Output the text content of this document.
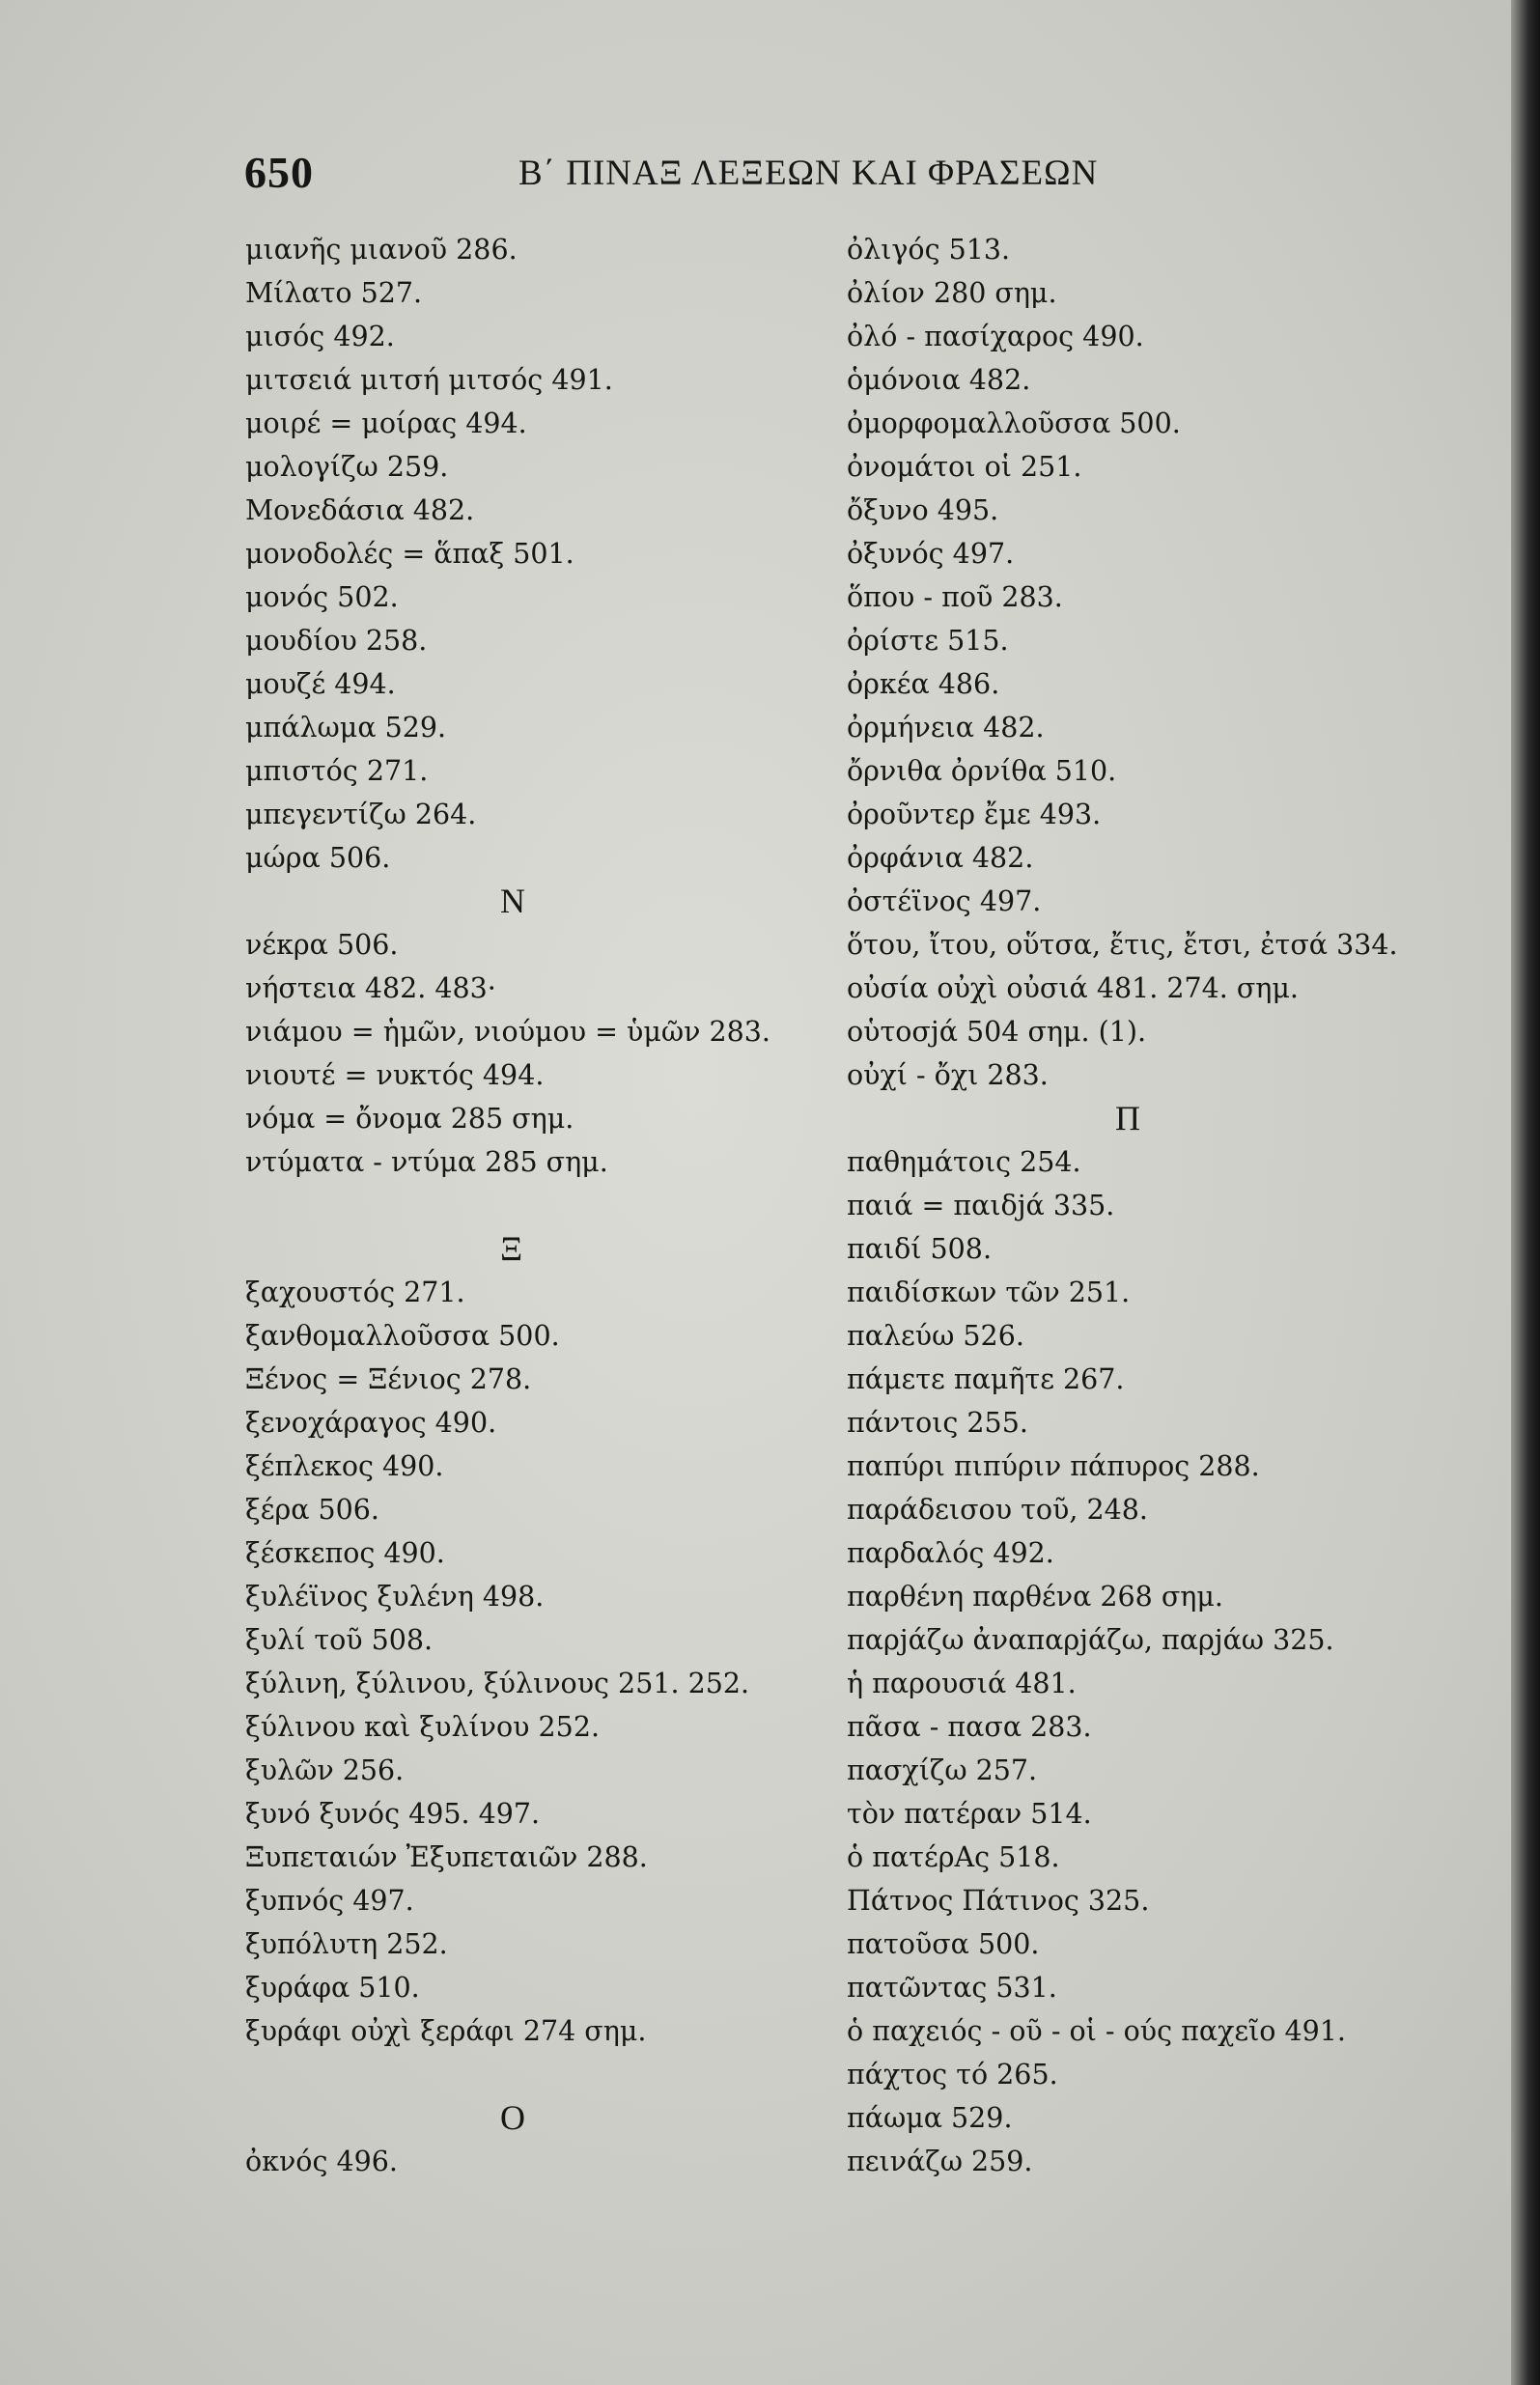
650	Β΄ ΠΙΝΑΞ ΛΕΞΕΩΝ ΚΑΙ ΦΡΑΣΕΩΝ
μιανῆς μιανοῦ 286.
Μίλατο 527.
μισός 492.
μιτσειά μιτσή μιτσός 491.
μοιρέ = μοίρας 494.
μολογίζω 259.
Μονεδάσια 482.
μονοδολές = ἅπαξ 501.
μονός 502.
μουδίου 258.
μουζέ 494.
μπάλωμα 529.
μπιστός 271.
μπεγεντίζω 264.
μώρα 506.
Ν
νέκρα 506.
νήστεια 482. 483·
νιάμου = ἡμῶν, νιούμου = ὑμῶν 283.
νιουτέ = νυκτός 494.
νόμα = ὄνομα 285 σημ.
ντύματα - ντύμα 285 σημ.
Ξ
ξαχουστός 271.
ξανθομαλλοῦσσα 500.
Ξένος = Ξένιος 278.
ξενοχάραγος 490.
ξέπλεκος 490.
ξέρα 506.
ξέσκεπος 490.
ξυλέϊνος ξυλένη 498.
ξυλί τοῦ 508.
ξύλινη, ξύλινου, ξύλινους 251. 252.
ξύλινου καὶ ξυλίνου 252.
ξυλῶν 256.
ξυνό ξυνός 495. 497.
Ξυπεταιών Ἐξυπεταιῶν 288.
ξυπνός 497.
ξυπόλυτη 252.
ξυράφα 510.
ξυράφι οὐχὶ ξεράφι 274 σημ.
Ο
ὀκνός 496.
ὀλιγός 513.
ὀλίον 280 σημ.
ὀλό - πασίχαρος 490.
ὁμόνοια 482.
ὀμορφομαλλοῦσσα 500.
ὀνομάτοι οἱ 251.
ὄξυνο 495.
ὀξυνός 497.
ὅπου - ποῦ 283.
ὀρίστε 515.
ὀρκέα 486.
ὀρμήνεια 482.
ὄρνιθα ὀρνίθα 510.
ὀροῦντερ ἔμε 493.
ὀρφάνια 482.
ὀστέϊνος 497.
ὅτου, ἴτου, οὕτσα, ἔτις, ἔτσι, ἐτσά 334.
οὐσία οὐχὶ οὐσιά 481. 274. σημ.
οὑτοσjά 504 σημ. (1).
οὐχί - ὄχι 283.
Π
παθημάτοις 254.
παιά = παιδjά 335.
παιδί 508.
παιδίσκων τῶν 251.
παλεύω 526.
πάμετε παμῆτε 267.
πάντοις 255.
παπύρι πιπύριν πάπυρος 288.
παράδεισου τοῦ, 248.
παρδαλός 492.
παρθένη παρθένα 268 σημ.
παρjάζω ἀναπαρjάζω, παρjάω 325.
ἡ παρουσιά 481.
πᾶσα - πασα 283.
πασχίζω 257.
τὸν πατέραν 514.
ὁ πατέρΑς 518.
Πάτνος Πάτινος 325.
πατοῦσα 500.
πατῶντας 531.
ὁ παχειός - οῦ - οἱ - ούς παχεῖο 491.
πάχτος τό 265.
πάωμα 529.
πεινάζω 259.
